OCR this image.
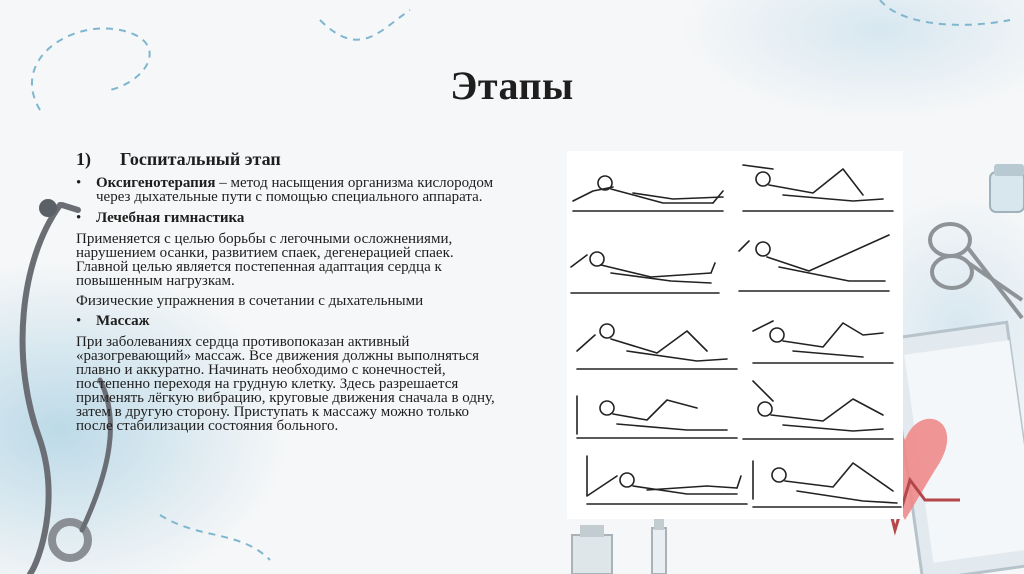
Этапы
1)	Госпитальный этап
• Оксигенотерапия – метод насыщения организма кислородом через дыхательные пути с помощью специального аппарата.
• Лечебная гимнастика
Применяется с целью борьбы с легочными осложнениями, нарушением осанки, развитием спаек, дегенерацией спаек. Главной целью является постепенная адаптация сердца к повышенным нагрузкам.
Физические упражнения в сочетании с дыхательными
• Массаж
При заболеваниях сердца противопоказан активный «разогревающий» массаж. Все движения должны выполняться плавно и аккуратно. Начинать необходимо с конечностей, постепенно переходя на грудную клетку. Здесь разрешается применять лёгкую вибрацию, круговые движения сначала в одну, затем в другую сторону. Приступать к массажу можно только после стабилизации состояния больного.
